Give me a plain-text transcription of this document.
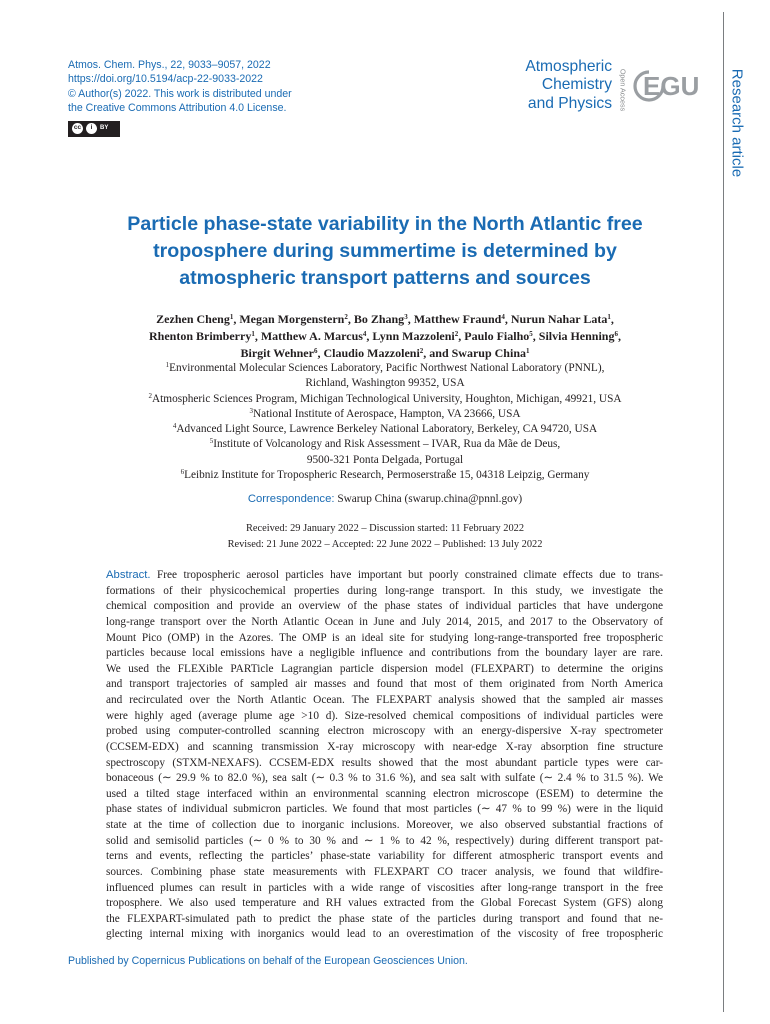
Atmos. Chem. Phys., 22, 9033–9057, 2022
https://doi.org/10.5194/acp-22-9033-2022
© Author(s) 2022. This work is distributed under
the Creative Commons Attribution 4.0 License.
cc	i	BY
Atmospheric
Chemistry
and Physics Open Access EGU Research article
Particle phase-state variability in the North Atlantic free
troposphere during summertime is determined by
atmospheric transport patterns and sources
Zezhen Cheng$^1$, Megan Morgenstern$^2$, Bo Zhang$^3$, Matthew Fraund$^4$, Nurun Nahar Lata$^1$,
Rhenton Brimberry$^1$, Matthew A. Marcus$^4$, Lynn Mazzoleni$^2$, Paulo Fialho$^5$, Silvia Henning$^6$,
Birgit Wehner$^6$, Claudio Mazzoleni$^2$, and Swarup China$^1$
$^1$Environmental Molecular Sciences Laboratory, Pacific Northwest National Laboratory (PNNL),
Richland, Washington 99352, USA
$^2$Atmospheric Sciences Program, Michigan Technological University, Houghton, Michigan, 49921, USA
$^3$National Institute of Aerospace, Hampton, VA 23666, USA
$^4$Advanced Light Source, Lawrence Berkeley National Laboratory, Berkeley, CA 94720, USA
$^5$Institute of Volcanology and Risk Assessment – IVAR, Rua da Mãe de Deus,
9500-321 Ponta Delgada, Portugal
$^6$Leibniz Institute for Tropospheric Research, Permoserstraße 15, 04318 Leipzig, Germany
Correspondence: Swarup China (swarup.china@pnnl.gov)
Received: 29 January 2022 – Discussion started: 11 February 2022
Revised: 21 June 2022 – Accepted: 22 June 2022 – Published: 13 July 2022
Abstract. Free tropospheric aerosol particles have important but poorly constrained climate effects due to trans-
formations of their physicochemical properties during long-range transport. In this study, we investigate the
chemical composition and provide an overview of the phase states of individual particles that have undergone
long-range transport over the North Atlantic Ocean in June and July 2014, 2015, and 2017 to the Observatory of
Mount Pico (OMP) in the Azores. The OMP is an ideal site for studying long-range-transported free tropospheric
particles because local emissions have a negligible influence and contributions from the boundary layer are rare.
We used the FLEXible PARTicle Lagrangian particle dispersion model (FLEXPART) to determine the origins
and transport trajectories of sampled air masses and found that most of them originated from North America
and recirculated over the North Atlantic Ocean. The FLEXPART analysis showed that the sampled air masses
were highly aged (average plume age >10 d). Size-resolved chemical compositions of individual particles were
probed using computer-controlled scanning electron microscopy with an energy-dispersive X-ray spectrometer
(CCSEM-EDX) and scanning transmission X-ray microscopy with near-edge X-ray absorption fine structure
spectroscopy (STXM-NEXAFS). CCSEM-EDX results showed that the most abundant particle types were car-
bonaceous (∼ 29.9 % to 82.0 %), sea salt (∼ 0.3 % to 31.6 %), and sea salt with sulfate (∼ 2.4 % to 31.5 %). We
used a tilted stage interfaced within an environmental scanning electron microscope (ESEM) to determine the
phase states of individual submicron particles. We found that most particles (∼ 47 % to 99 %) were in the liquid
state at the time of collection due to inorganic inclusions. Moreover, we also observed substantial fractions of
solid and semisolid particles (∼ 0 % to 30 % and ∼ 1 % to 42 %, respectively) during different transport pat-
terns and events, reflecting the particles’ phase-state variability for different atmospheric transport events and
sources. Combining phase state measurements with FLEXPART CO tracer analysis, we found that wildfire-
influenced plumes can result in particles with a wide range of viscosities after long-range transport in the free
troposphere. We also used temperature and RH values extracted from the Global Forecast System (GFS) along
the FLEXPART-simulated path to predict the phase state of the particles during transport and found that ne-
glecting internal mixing with inorganics would lead to an overestimation of the viscosity of free tropospheric
Published by Copernicus Publications on behalf of the European Geosciences Union.
